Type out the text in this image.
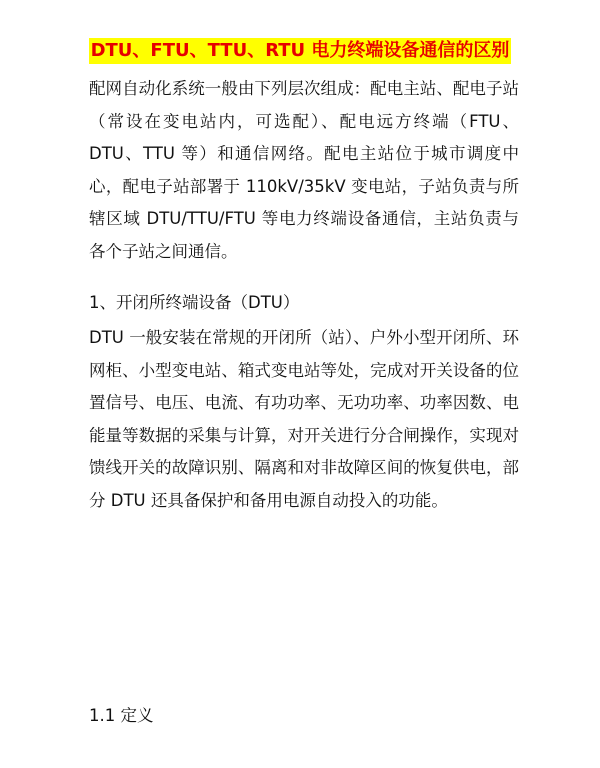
DTU、FTU、TTU、RTU 电力终端设备通信的区别

配网自动化系统一般由下列层次组成：配电主站、配电子站（常设在变电站内，可选配）、配电远方终端（FTU、DTU、TTU 等）和通信网络。配电主站位于城市调度中心，配电子站部署于 110kV/35kV 变电站，子站负责与所辖区域 DTU/TTU/FTU 等电力终端设备通信，主站负责与各个子站之间通信。

1、开闭所终端设备（DTU）

DTU 一般安装在常规的开闭所（站）、户外小型开闭所、环网柜、小型变电站、箱式变电站等处，完成对开关设备的位置信号、电压、电流、有功功率、无功功率、功率因数、电能量等数据的采集与计算，对开关进行分合闸操作，实现对馈线开关的故障识别、隔离和对非故障区间的恢复供电，部分 DTU 还具备保护和备用电源自动投入的功能。

1.1 定义
